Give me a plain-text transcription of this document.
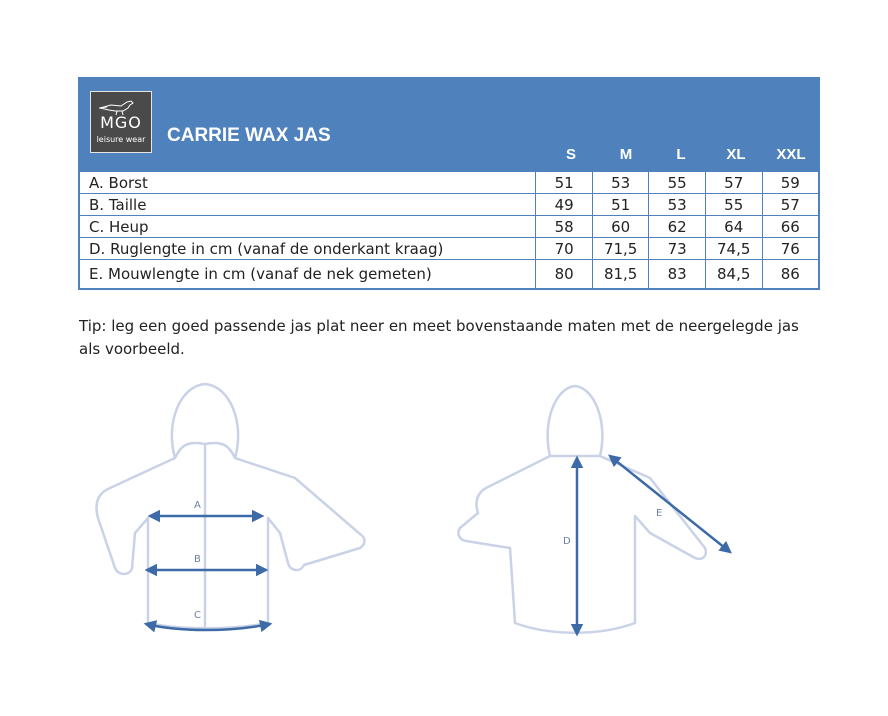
MGO
leisure wear CARRIE WAX JAS
S	M	L	XL	XXL
A. Borst	51	53	55	57	59
B. Taille	49	51	53	55	57
C. Heup	58	60	62	64	66
D. Ruglengte in cm (vanaf de onderkant kraag)	70	71,5	73	74,5	76
E. Mouwlengte in cm (vanaf de nek gemeten)	80	81,5	83	84,5	86
Tip: leg een goed passende jas plat neer en meet bovenstaande maten met de neergelegde jas als voorbeeld.
A
B
C
D
E
